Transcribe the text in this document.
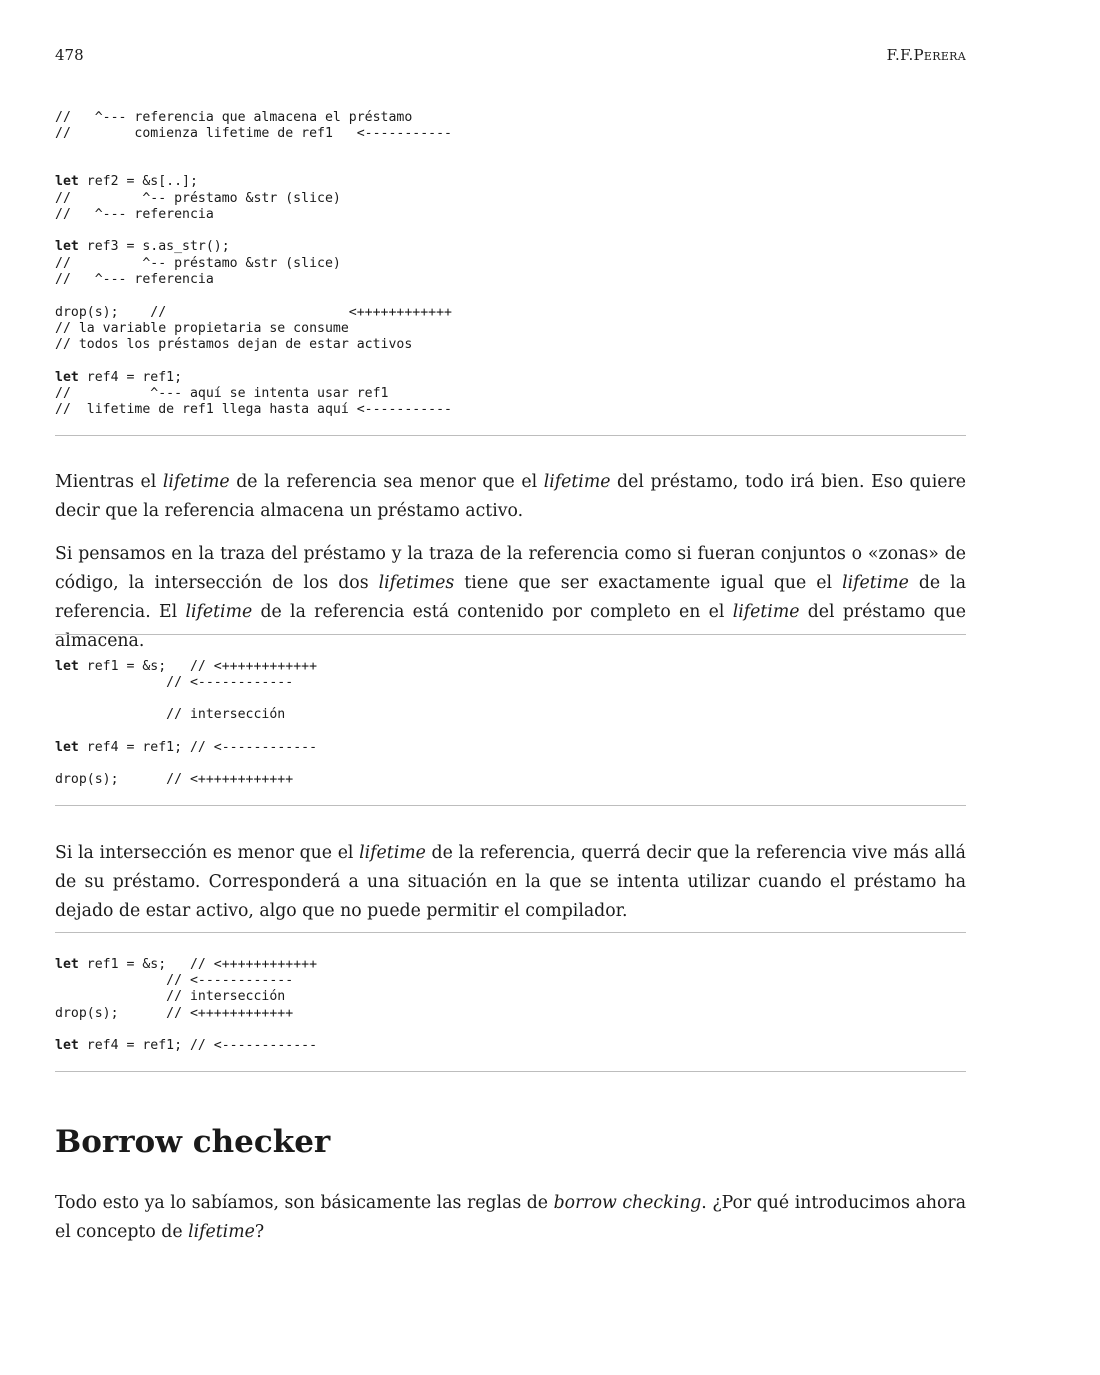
478	F.F.Perera
//   ^--- referencia que almacena el préstamo
//        comienza lifetime de ref1   <-----------
let ref2 = &s[..];
//         ^-- préstamo &str (slice)
//   ^--- referencia
let ref3 = s.as_str();
//         ^-- préstamo &str (slice)
//   ^--- referencia
drop(s);    //                       <++++++++++++
// la variable propietaria se consume
// todos los préstamos dejan de estar activos
let ref4 = ref1;
//          ^--- aquí se intenta usar ref1
//  lifetime de ref1 llega hasta aquí <-----------

Mientras el lifetime de la referencia sea menor que el lifetime del préstamo, todo irá bien. Eso quiere decir que la referencia almacena un préstamo activo.

Si pensamos en la traza del préstamo y la traza de la referencia como si fueran conjuntos o «zonas» de código, la intersección de los dos lifetimes tiene que ser exactamente igual que el lifetime de la referencia. El lifetime de la referencia está contenido por completo en el lifetime del préstamo que almacena.

let ref1 = &s;   // <++++++++++++
// <------------
// intersección
let ref4 = ref1; // <------------
drop(s);      // <++++++++++++

Si la intersección es menor que el lifetime de la referencia, querrá decir que la referencia vive más allá de su préstamo. Corresponderá a una situación en la que se intenta utilizar cuando el préstamo ha dejado de estar activo, algo que no puede permitir el compilador.

let ref1 = &s;   // <++++++++++++
// <------------
// intersección
drop(s);      // <++++++++++++
let ref4 = ref1; // <------------
Borrow checker

Todo esto ya lo sabíamos, son básicamente las reglas de borrow checking. ¿Por qué introducimos ahora el concepto de lifetime?
